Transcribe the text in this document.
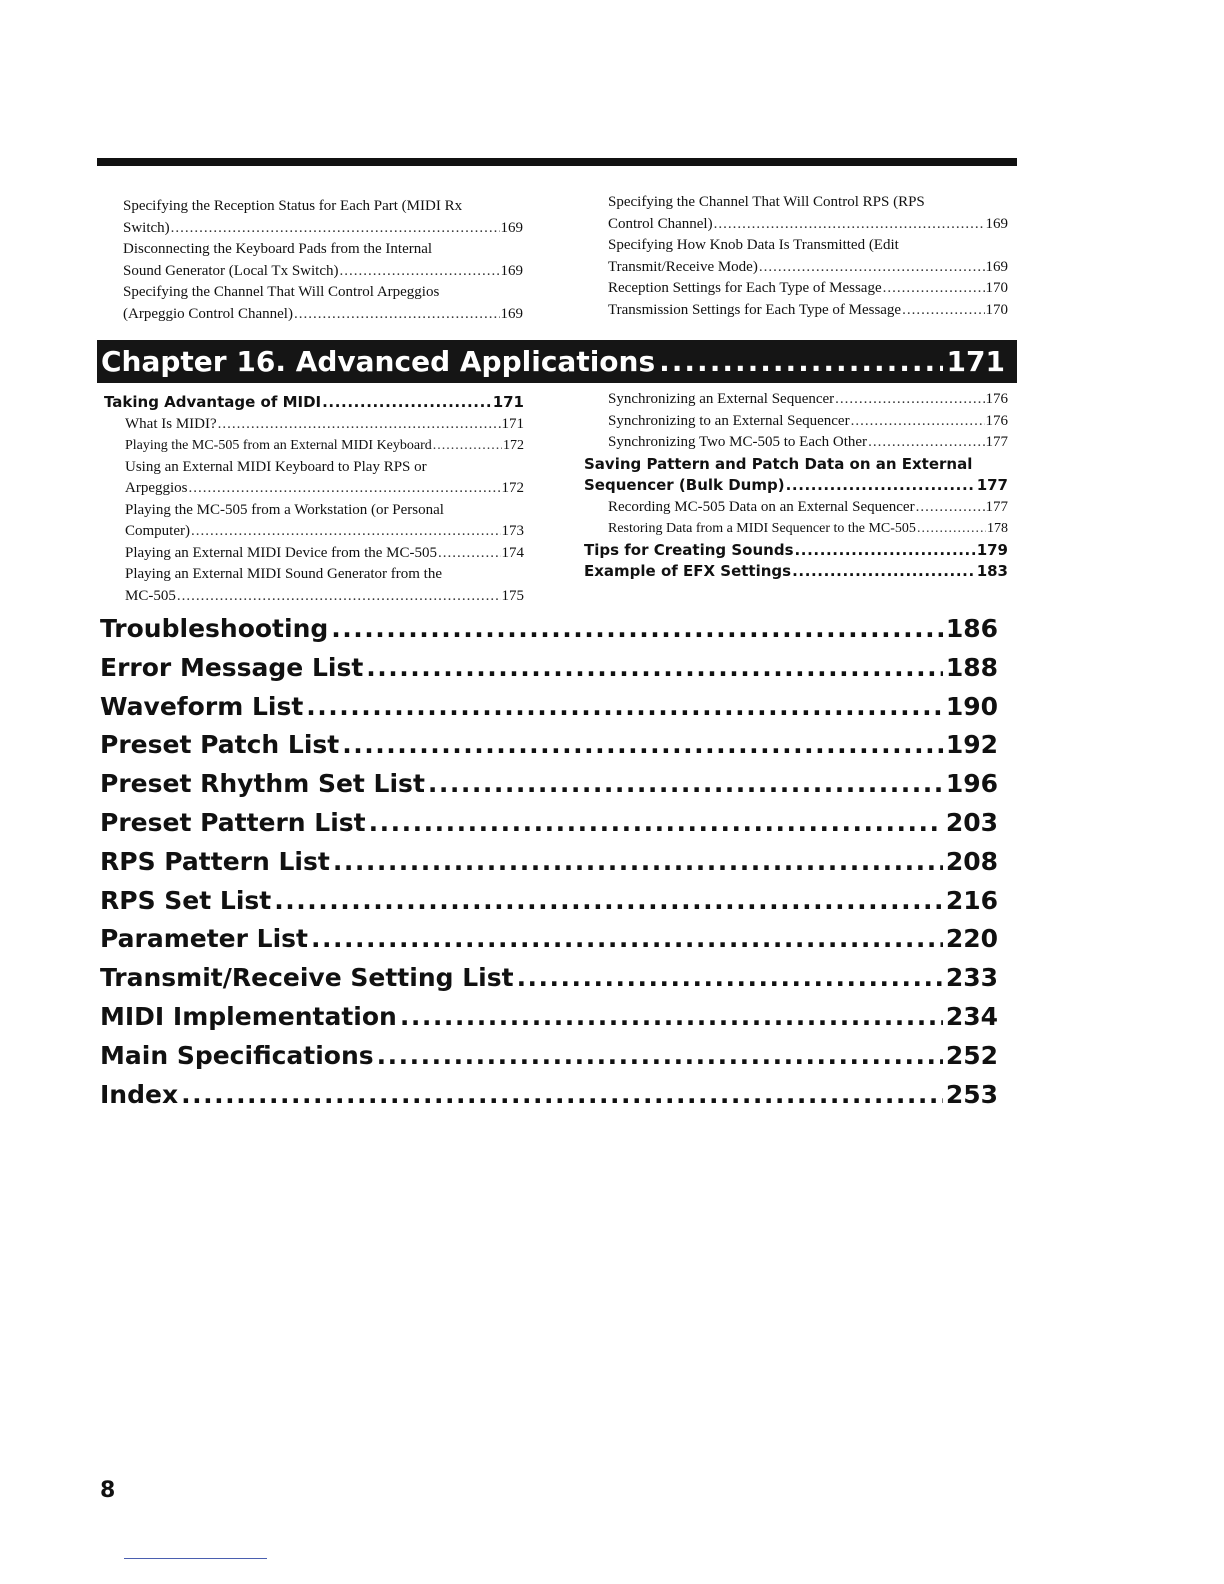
Specifying the Reception Status for Each Part (MIDI Rx
Switch) .....	169
Disconnecting the Keyboard Pads from the Internal
Sound Generator (Local Tx Switch) .....	169
Specifying the Channel That Will Control Arpeggios
(Arpeggio Control Channel) .....	169
Specifying the Channel That Will Control RPS (RPS
Control Channel) .....	169
Specifying How Knob Data Is Transmitted (Edit
Transmit/Receive Mode) .....	169
Reception Settings for Each Type of Message .....	170
Transmission Settings for Each Type of Message .....	170
Chapter 16. Advanced Applications .....	171
Taking Advantage of MIDI .....	171
What Is MIDI? .....	171
Playing the MC-505 from an External MIDI Keyboard .....	172
Using an External MIDI Keyboard to Play RPS or
Arpeggios .....	172
Playing the MC-505 from a Workstation (or Personal
Computer) .....	173
Playing an External MIDI Device from the MC-505 .....	174
Playing an External MIDI Sound Generator from the
MC-505 .....	175
Synchronizing an External Sequencer .....	176
Synchronizing to an External Sequencer .....	176
Synchronizing Two MC-505 to Each Other .....	177
Saving Pattern and Patch Data on an External
Sequencer (Bulk Dump) .....	177
Recording MC-505 Data on an External Sequencer .....	177
Restoring Data from a MIDI Sequencer to the MC-505 .....	178
Tips for Creating Sounds .....	179
Example of EFX Settings .....	183
Troubleshooting .....	186
Error Message List .....	188
Waveform List .....	190
Preset Patch List .....	192
Preset Rhythm Set List .....	196
Preset Pattern List .....	203
RPS Pattern List .....	208
RPS Set List .....	216
Parameter List .....	220
Transmit/Receive Setting List .....	233
MIDI Implementation .....	234
Main Specifications .....	252
Index .....	253
8
